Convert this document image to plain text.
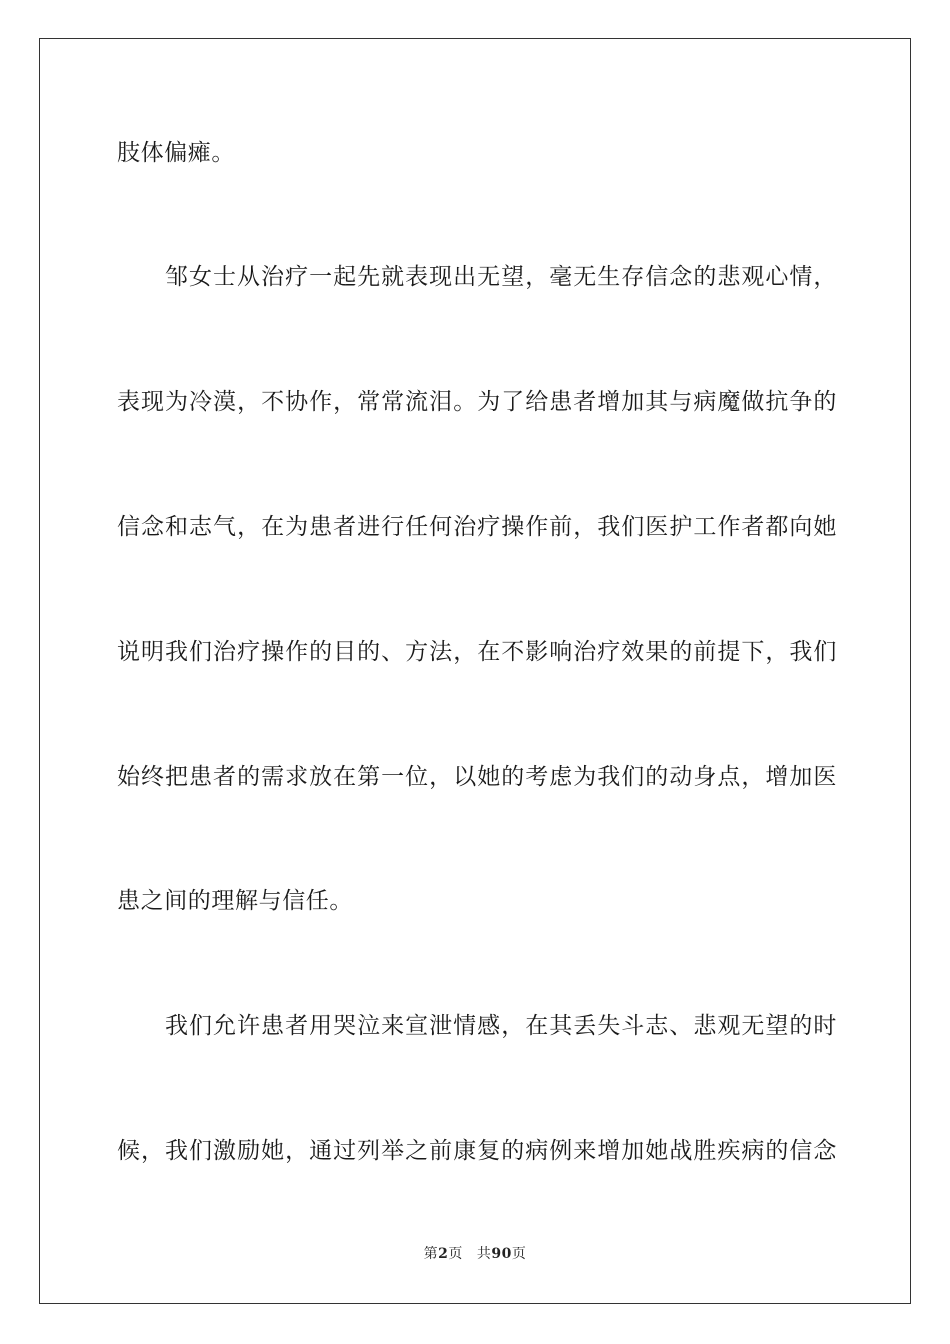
肢体偏瘫。
邹女士从治疗一起先就表现出无望，毫无生存信念的悲观心情，
表现为冷漠，不协作，常常流泪。为了给患者增加其与病魔做抗争的
信念和志气，在为患者进行任何治疗操作前，我们医护工作者都向她
说明我们治疗操作的目的、方法，在不影响治疗效果的前提下，我们
始终把患者的需求放在第一位，以她的考虑为我们的动身点，增加医
患之间的理解与信任。
我们允许患者用哭泣来宣泄情感，在其丢失斗志、悲观无望的时
候，我们激励她，通过列举之前康复的病例来增加她战胜疾病的信念
第2页 共90页
